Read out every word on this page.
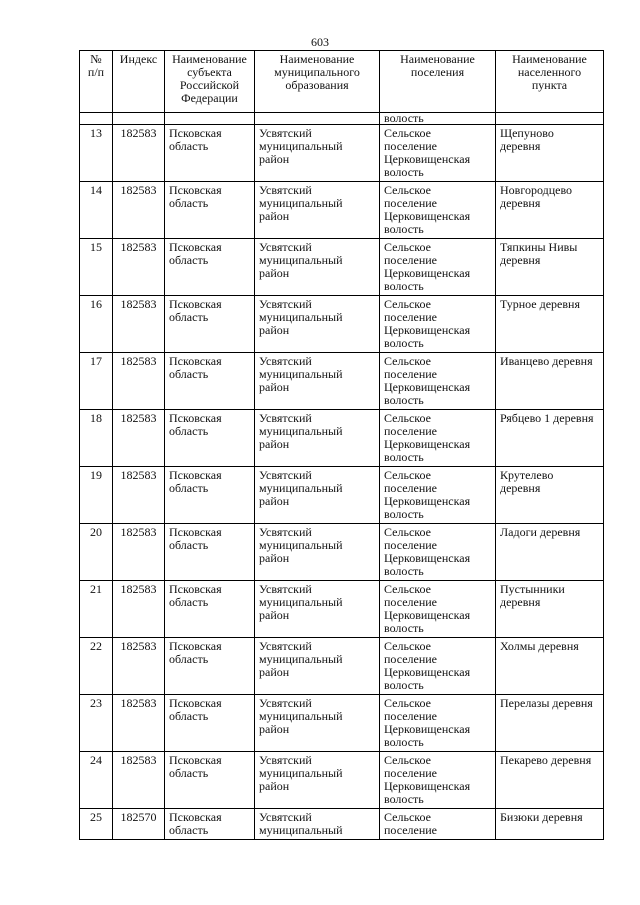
603
№
п/п	Индекс	Наименование
субъекта
Российской
Федерации	Наименование
муниципального
образования	Наименование
поселения	Наименование
населенного
пункта
				волость	
13	182583	Псковская
область	Усвятский
муниципальный
район	Сельское
поселение
Церковищенская
волость	Щепуново
деревня
14	182583	Псковская
область	Усвятский
муниципальный
район	Сельское
поселение
Церковищенская
волость	Новгородцево
деревня
15	182583	Псковская
область	Усвятский
муниципальный
район	Сельское
поселение
Церковищенская
волость	Тяпкины Нивы
деревня
16	182583	Псковская
область	Усвятский
муниципальный
район	Сельское
поселение
Церковищенская
волость	Турное деревня
17	182583	Псковская
область	Усвятский
муниципальный
район	Сельское
поселение
Церковищенская
волость	Иванцево деревня
18	182583	Псковская
область	Усвятский
муниципальный
район	Сельское
поселение
Церковищенская
волость	Рябцево 1 деревня
19	182583	Псковская
область	Усвятский
муниципальный
район	Сельское
поселение
Церковищенская
волость	Крутелево
деревня
20	182583	Псковская
область	Усвятский
муниципальный
район	Сельское
поселение
Церковищенская
волость	Ладоги деревня
21	182583	Псковская
область	Усвятский
муниципальный
район	Сельское
поселение
Церковищенская
волость	Пустынники
деревня
22	182583	Псковская
область	Усвятский
муниципальный
район	Сельское
поселение
Церковищенская
волость	Холмы деревня
23	182583	Псковская
область	Усвятский
муниципальный
район	Сельское
поселение
Церковищенская
волость	Перелазы деревня
24	182583	Псковская
область	Усвятский
муниципальный
район	Сельское
поселение
Церковищенская
волость	Пекарево деревня
25	182570	Псковская
область	Усвятский
муниципальный	Сельское
поселение	Бизюки деревня
